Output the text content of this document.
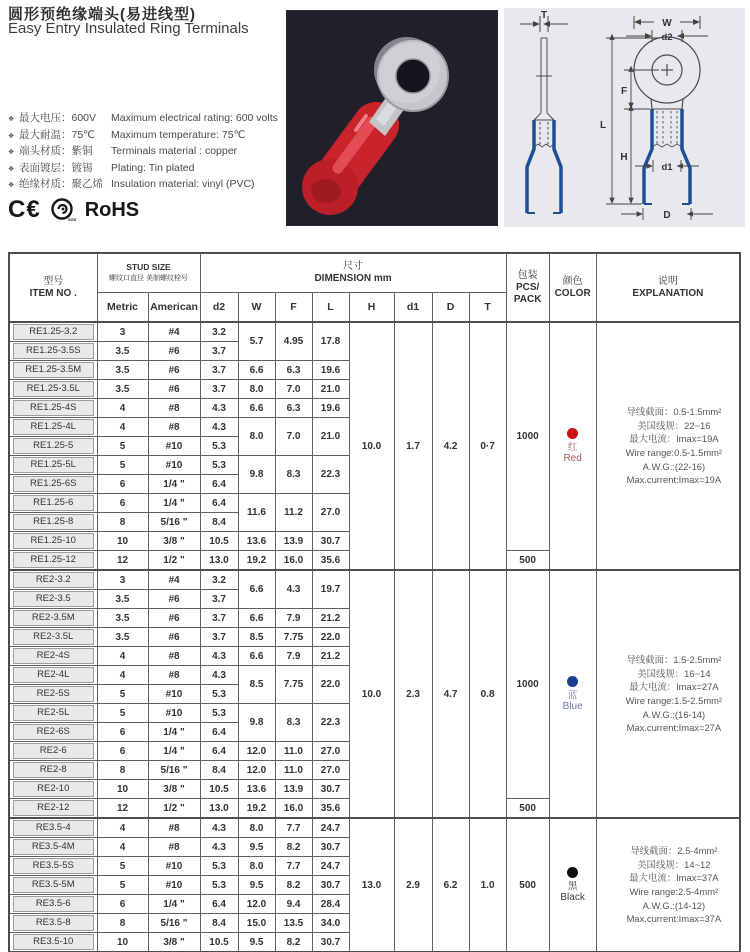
圆形预绝缘端头(易进线型)
Easy Entry Insulated Ring Terminals
❖ 最大电压：600V	Maximum electrical rating: 600 volts
❖ 最大耐温：75℃	Maximum temperature: 75℃
❖ 端头材质：紫铜	Terminals material : copper
❖ 表面镀层：镀锡	Plating: Tin plated
❖ 绝缘材质：聚乙烯 Insulation material: vinyl (PVC)
C€	SGS RoHS
T
W
d2
L
F
H
d1
D
型号
ITEM NO .

STUD SIZE
螺纹口直径 美制螺纹栓号

尺寸
DIMENSION mm	包装
PCS/
PACK

颜色
COLOR

说明
EXPLANATION

	Metric	American	d2	W	F	L	H	d1	D	T			

RE1.25-3.2	3	#4	3.2	5.7	4.95	17.8	10.0	1.7	4.2	0·7	1000	
红
Red

导线截面：0.5-1.5mm²
美国线规：22~16
最大电流：Imax=19A
Wire range:0.5-1.5mm²
A.W.G.:(22-16)
Max.current:Imax=19A

RE1.25-3.5S	3.5	#6	3.7										

RE1.25-3.5M	3.5	#6	3.7	6.6	6.3	19.6							

RE1.25-3.5L	3.5	#6	3.7	8.0	7.0	21.0							

RE1.25-4S	4	#8	4.3	6.6	6.3	19.6							

RE1.25-4L	4	#8	4.3	8.0	7.0	21.0							

RE1.25-5	5	#10	5.3										

RE1.25-5L	5	#10	5.3	9.8	8.3	22.3							

RE1.25-6S	6	1/4 "	6.4										

RE1.25-6	6	1/4 "	6.4	11.6	11.2	27.0							

RE1.25-8	8	5/16 "	8.4										

RE1.25-10	10	3/8 "	10.5	13.6	13.9	30.7							

RE1.25-12	12	1/2 "	13.0	19.2	16.0	35.6					500		

RE2-3.2	3	#4	3.2	6.6	4.3	19.7	10.0	2.3	4.7	0.8	1000	
蓝
Blue

导线截面：1.5-2.5mm²
美国线规：16~14
最大电流：Imax=27A
Wire range:1.5-2.5mm²
A.W.G.:(16-14)
Max.current:Imax=27A

RE2-3.5	3.5	#6	3.7										

RE2-3.5M	3.5	#6	3.7	6.6	7.9	21.2							

RE2-3.5L	3.5	#6	3.7	8.5	7.75	22.0							

RE2-4S	4	#8	4.3	6.6	7.9	21.2							

RE2-4L	4	#8	4.3	8.5	7.75	22.0							

RE2-5S	5	#10	5.3										

RE2-5L	5	#10	5.3	9.8	8.3	22.3							

RE2-6S	6	1/4 "	6.4										

RE2-6	6	1/4 "	6.4	12.0	11.0	27.0							

RE2-8	8	5/16 "	8.4	12.0	11.0	27.0							

RE2-10	10	3/8 "	10.5	13.6	13.9	30.7							

RE2-12	12	1/2 "	13.0	19.2	16.0	35.6					500		

RE3.5-4	4	#8	4.3	8.0	7.7	24.7	13.0	2.9	6.2	1.0	500	黑
Black

导线截面：2.5-4mm²
美国线规：14~12
最大电流：Imax=37A
Wire range:2.5-4mm²
A.W.G.:(14-12)
Max.current:Imax=37A

RE3.5-4M	4	#8	4.3	9.5	8.2	30.7							

RE3.5-5S	5	#10	5.3	8.0	7.7	24.7							

RE3.5-5M	5	#10	5.3	9.5	8.2	30.7							

RE3.5-6	6	1/4 "	6.4	12.0	9.4	28.4							

RE3.5-8	8	5/16 "	8.4	15.0	13.5	34.0							

RE3.5-10	10	3/8 "	10.5	9.5	8.2	30.7							
